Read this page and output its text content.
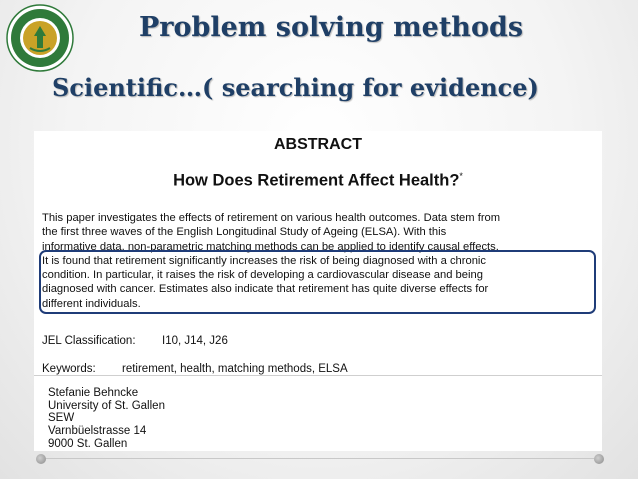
Problem solving methods
Scientific…( searching for evidence)
ABSTRACT
How Does Retirement Affect Health?*
This paper investigates the effects of retirement on various health outcomes. Data stem from
the first three waves of the English Longitudinal Study of Ageing (ELSA). With this
informative data, non-parametric matching methods can be applied to identify causal effects.
It is found that retirement significantly increases the risk of being diagnosed with a chronic
condition. In particular, it raises the risk of developing a cardiovascular disease and being
diagnosed with cancer. Estimates also indicate that retirement has quite diverse effects for
different individuals.
JEL Classification: I10, J14, J26
Keywords: retirement, health, matching methods, ELSA
Stefanie Behncke
University of St. Gallen
SEW
Varnbüelstrasse 14
9000 St. Gallen
